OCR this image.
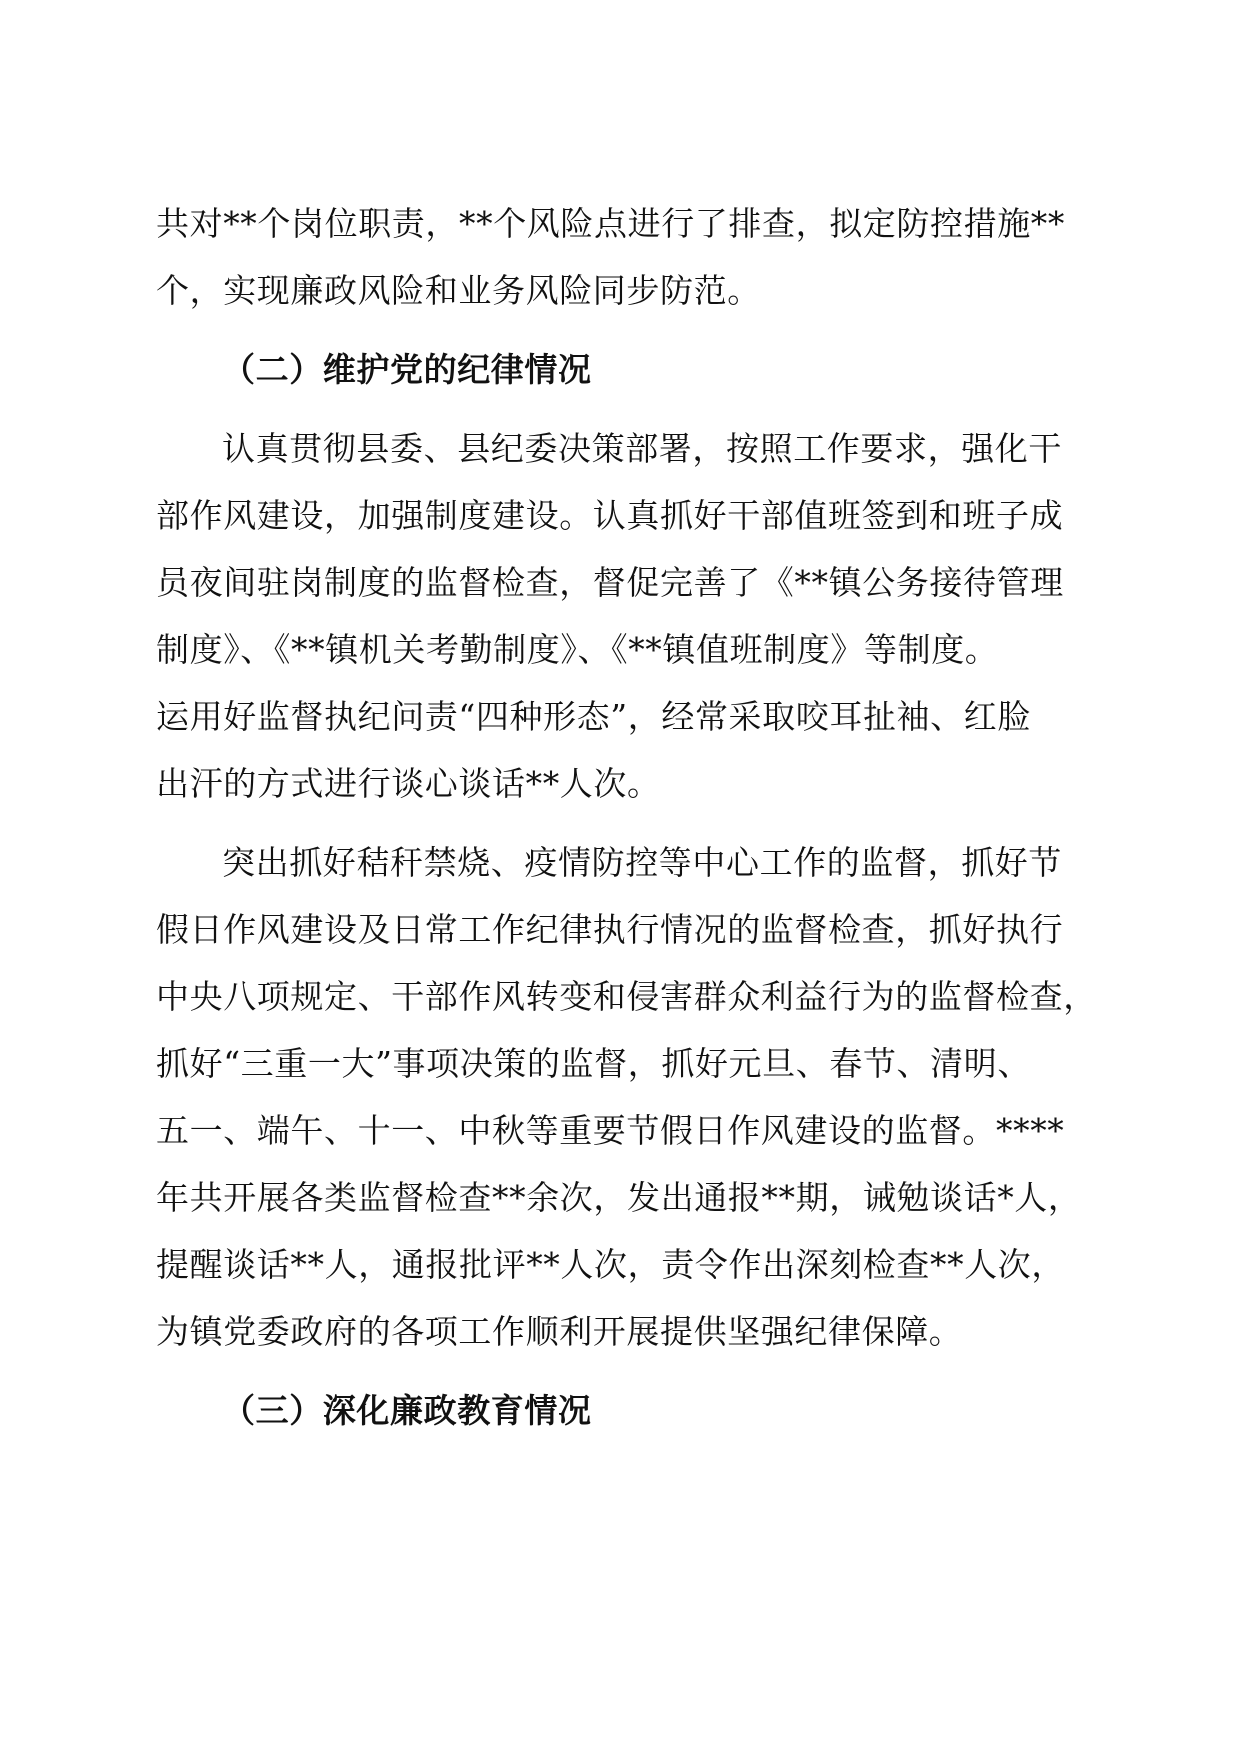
共对**个岗位职责，**个风险点进行了排查，拟定防控措施**
个，实现廉政风险和业务风险同步防范。

（二）维护党的纪律情况

认真贯彻县委、县纪委决策部署，按照工作要求，强化干
部作风建设，加强制度建设。认真抓好干部值班签到和班子成
员夜间驻岗制度的监督检查，督促完善了《**镇公务接待管理
制度》、《**镇机关考勤制度》、《**镇值班制度》等制度。
运用好监督执纪问责“四种形态”，经常采取咬耳扯袖、红脸
出汗的方式进行谈心谈话**人次。

突出抓好秸秆禁烧、疫情防控等中心工作的监督，抓好节
假日作风建设及日常工作纪律执行情况的监督检查，抓好执行
中央八项规定、干部作风转变和侵害群众利益行为的监督检查，
抓好“三重一大”事项决策的监督，抓好元旦、春节、清明、
五一、端午、十一、中秋等重要节假日作风建设的监督。****
年共开展各类监督检查**余次，发出通报**期，诫勉谈话*人，
提醒谈话**人，通报批评**人次，责令作出深刻检查**人次，
为镇党委政府的各项工作顺利开展提供坚强纪律保障。

（三）深化廉政教育情况
